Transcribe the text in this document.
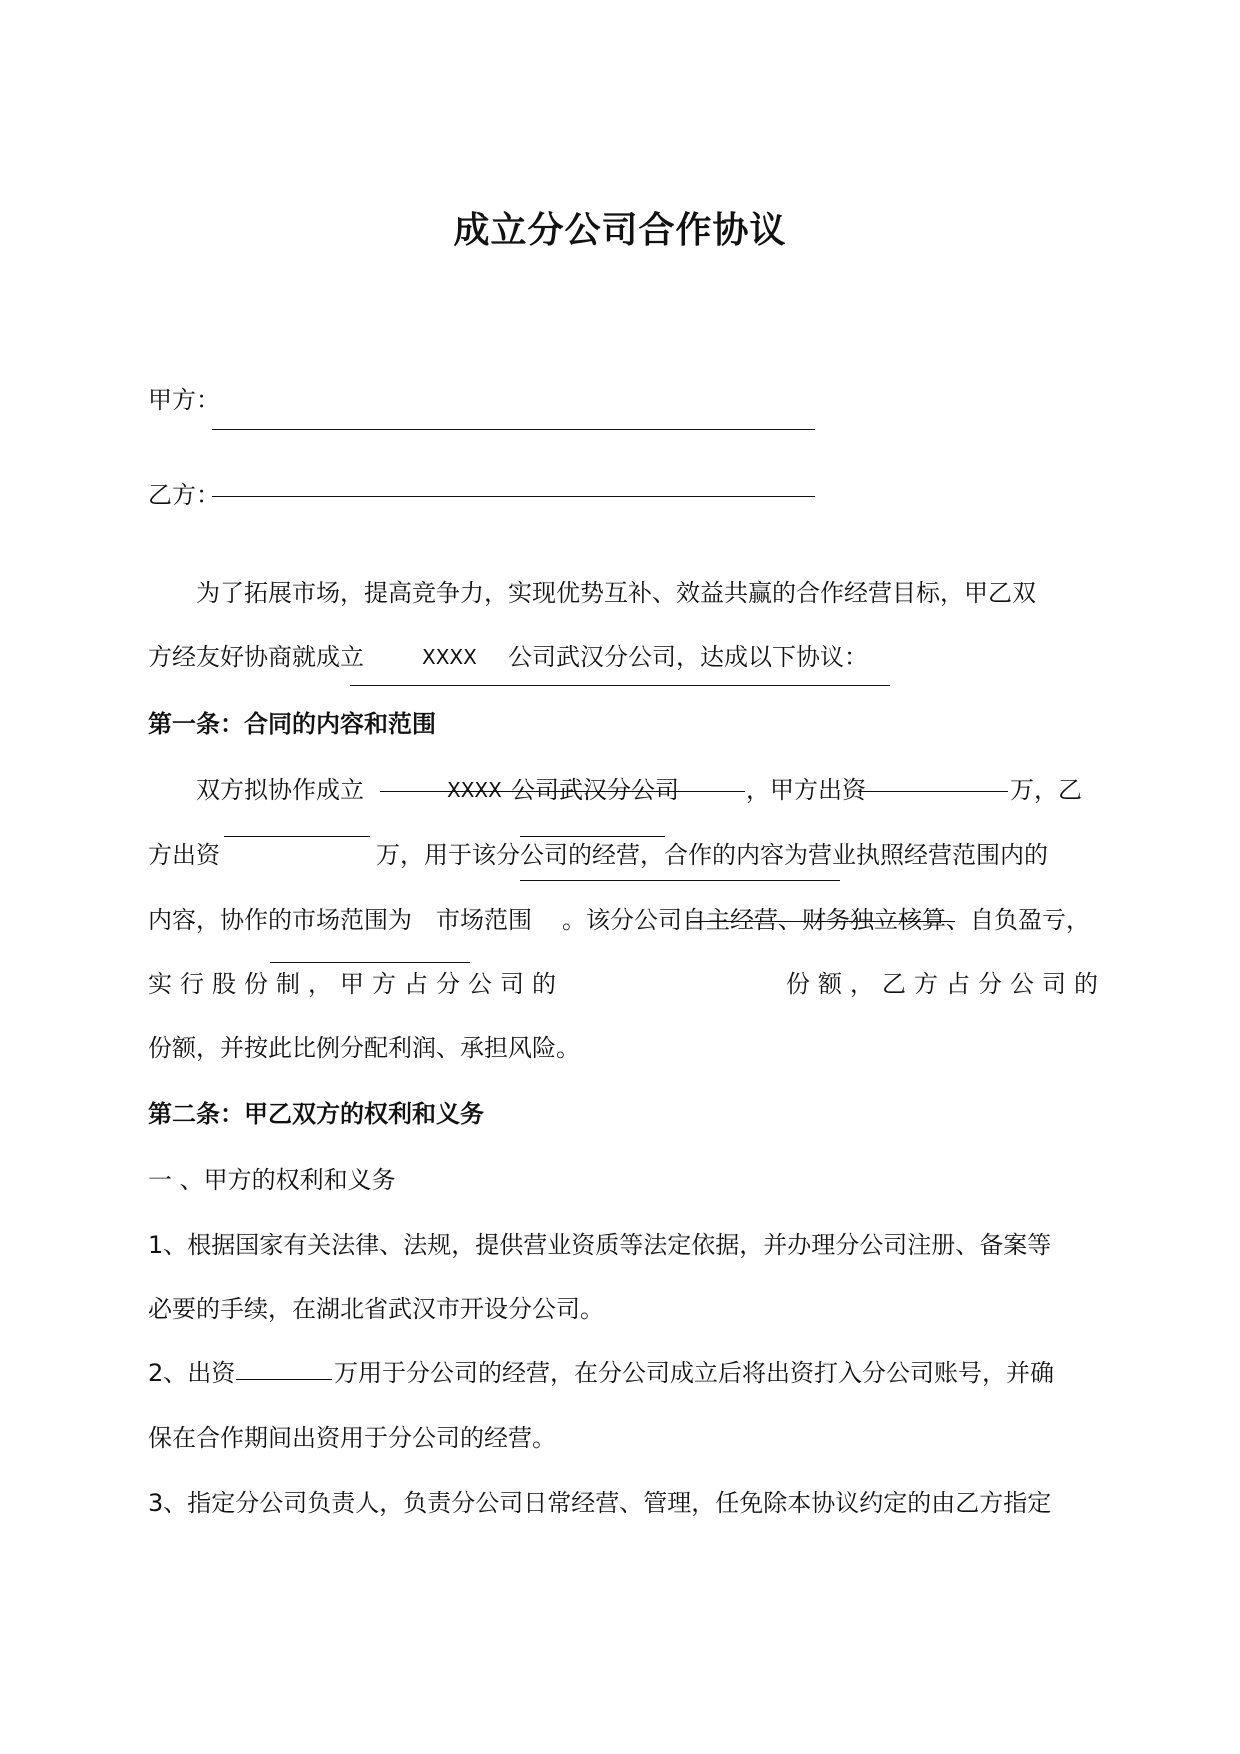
成立分公司合作协议
甲方：
乙方：
为了拓展市场，提高竞争力，实现优势互补、效益共赢的合作经营目标，甲乙双
方经友好协商就成立	XXXX 公司武汉分公司，达成以下协议：
第一条：合同的内容和范围
双方拟协作成立	XXXX 公司武汉分公司	，甲方出资	万，乙
方出资	万，用于该分公司的经营，合作的内容为营业执照经营范围内的
内容，协作的市场范围为 市场范围 。该分公司自主经营、财务独立核算、自负盈亏，
实行股份制，甲方占分公司的	份额，乙方占分公司的
份额，并按此比例分配利润、承担风险。
第二条：甲乙双方的权利和义务
一 、甲方的权利和义务
1、根据国家有关法律、法规，提供营业资质等法定依据，并办理分公司注册、备案等
必要的手续，在湖北省武汉市开设分公司。
2、出资	万用于分公司的经营，在分公司成立后将出资打入分公司账号，并确
保在合作期间出资用于分公司的经营。
3、指定分公司负责人，负责分公司日常经营、管理，任免除本协议约定的由乙方指定
